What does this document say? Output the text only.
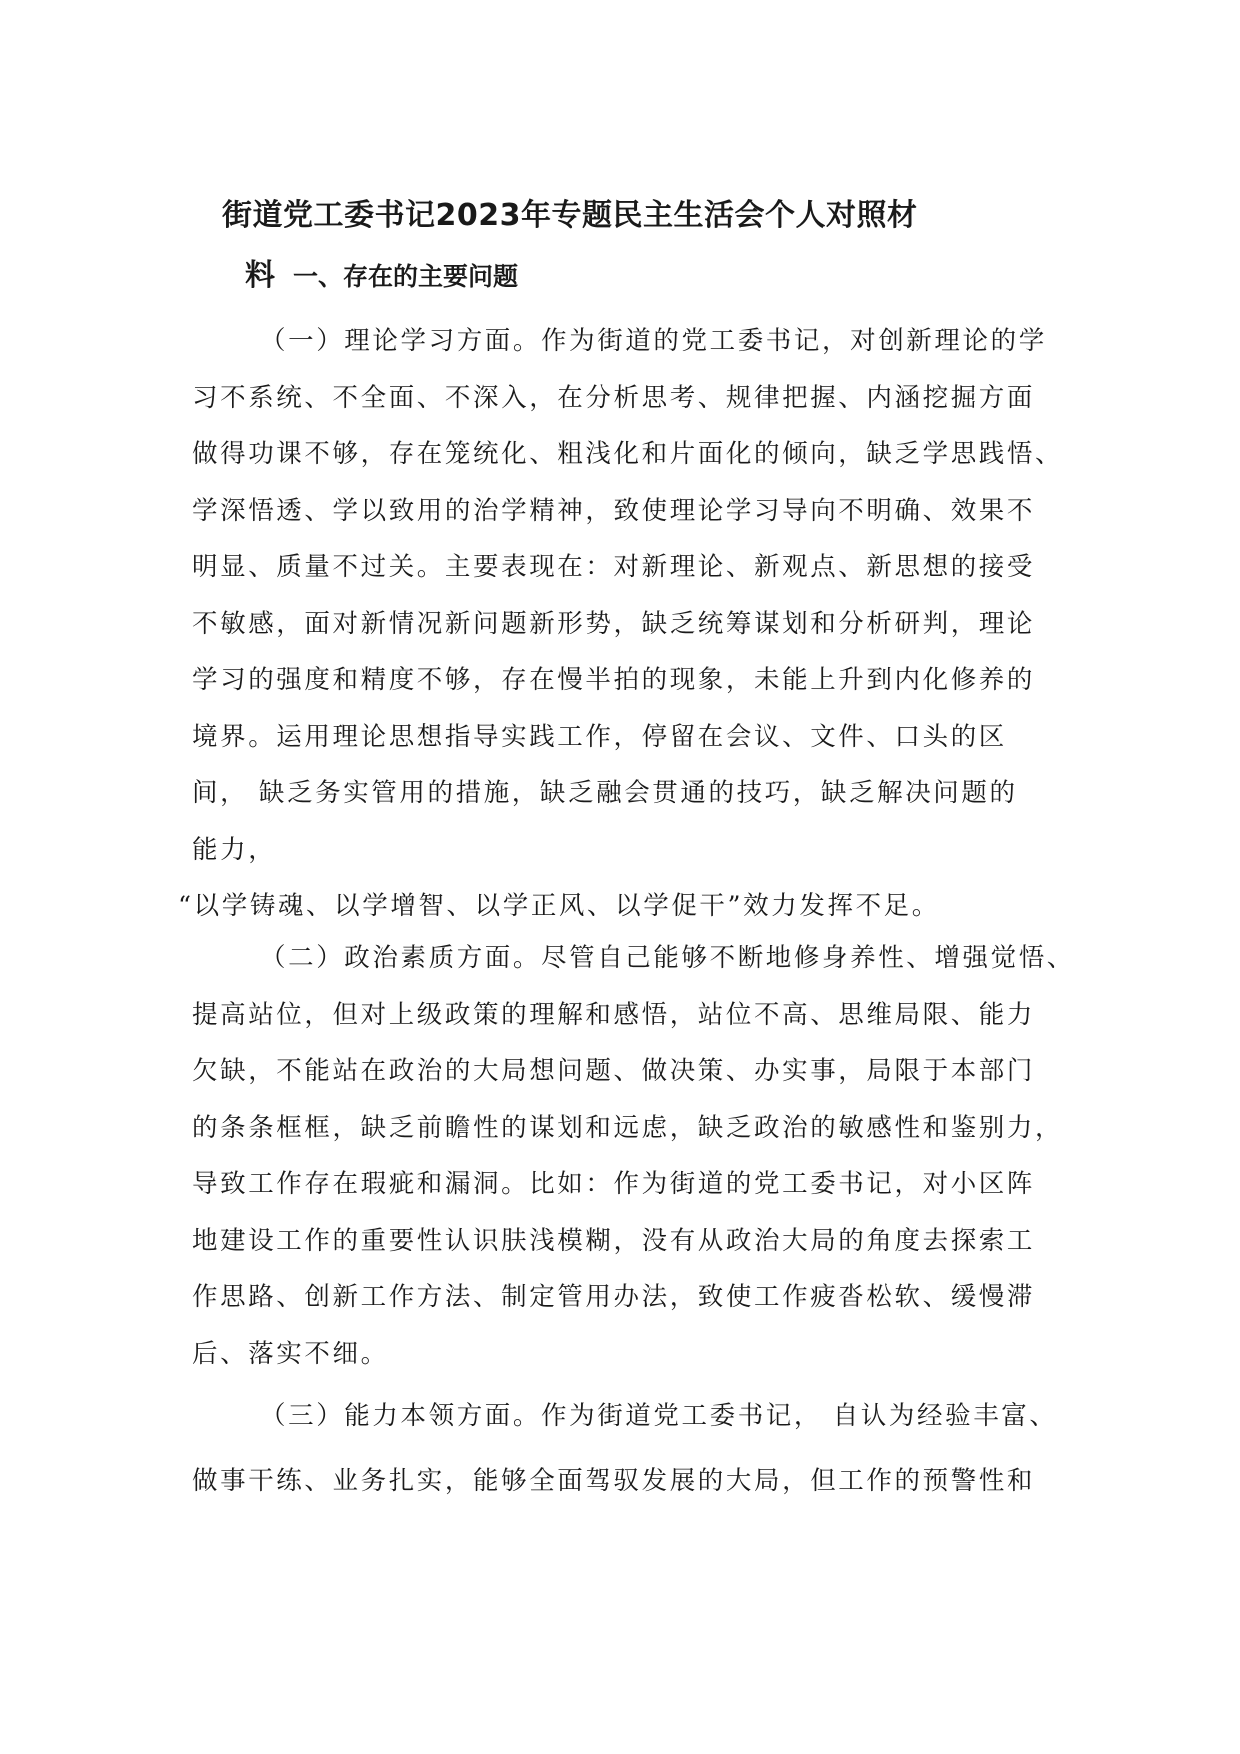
街道党工委书记2023年专题民主生活会个人对照材
料 一、存在的主要问题
（一）理论学习方面。作为街道的党工委书记，对创新理论的学
习不系统、不全面、不深入，在分析思考、规律把握、内涵挖掘方面
做得功课不够，存在笼统化、粗浅化和片面化的倾向，缺乏学思践悟、
学深悟透、学以致用的治学精神，致使理论学习导向不明确、效果不
明显、质量不过关。主要表现在：对新理论、新观点、新思想的接受
不敏感，面对新情况新问题新形势，缺乏统筹谋划和分析研判，理论
学习的强度和精度不够，存在慢半拍的现象，未能上升到内化修养的
境界。运用理论思想指导实践工作，停留在会议、文件、口头的区
间， 缺乏务实管用的措施，缺乏融会贯通的技巧，缺乏解决问题的
能力，
“以学铸魂、以学增智、以学正风、以学促干”效力发挥不足。
（二）政治素质方面。尽管自己能够不断地修身养性、增强觉悟、
提高站位，但对上级政策的理解和感悟，站位不高、思维局限、能力
欠缺，不能站在政治的大局想问题、做决策、办实事，局限于本部门
的条条框框，缺乏前瞻性的谋划和远虑，缺乏政治的敏感性和鉴别力，
导致工作存在瑕疵和漏洞。比如：作为街道的党工委书记，对小区阵
地建设工作的重要性认识肤浅模糊，没有从政治大局的角度去探索工
作思路、创新工作方法、制定管用办法，致使工作疲沓松软、缓慢滞
后、落实不细。
（三）能力本领方面。作为街道党工委书记， 自认为经验丰富、
做事干练、业务扎实，能够全面驾驭发展的大局，但工作的预警性和
